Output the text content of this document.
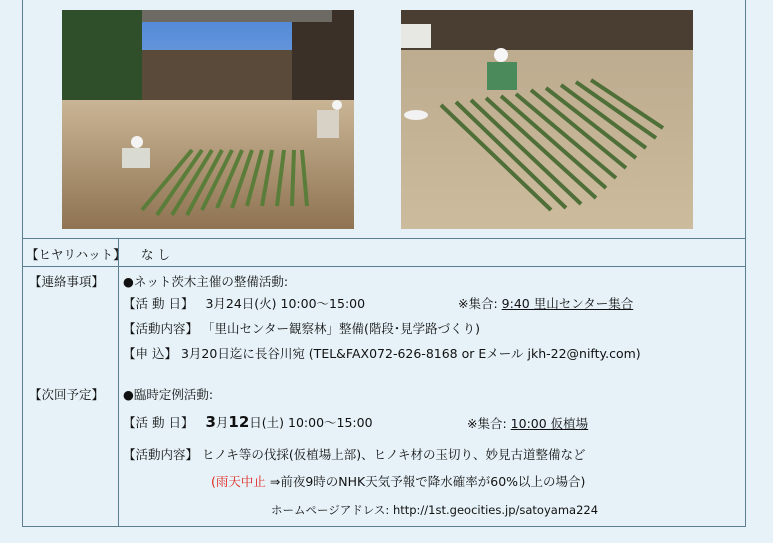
【ヒヤリハット】 な し
【連絡事項】 ●ネット茨木主催の整備活動:
【活 動 日】 3月24日(火) 10:00～15:00	※集合: 9:40 里山センター集合
【活動内容】 「里山センター観察林」整備(階段･見学路づくり)
【申 込】 3月20日迄に長谷川宛 (TEL&FAX072-626-8168 or Eメール jkh-22@nifty.com)
【次回予定】 ●臨時定例活動:
【活 動 日】 3月12日(土) 10:00～15:00	※集合: 10:00 仮植場
【活動内容】 ヒノキ等の伐採(仮植場上部)、ヒノキ材の玉切り、妙見古道整備など
(雨天中止 ⇒前夜9時のNHK天気予報で降水確率が60%以上の場合)
ホームページアドレス: http://1st.geocities.jp/satoyama224
